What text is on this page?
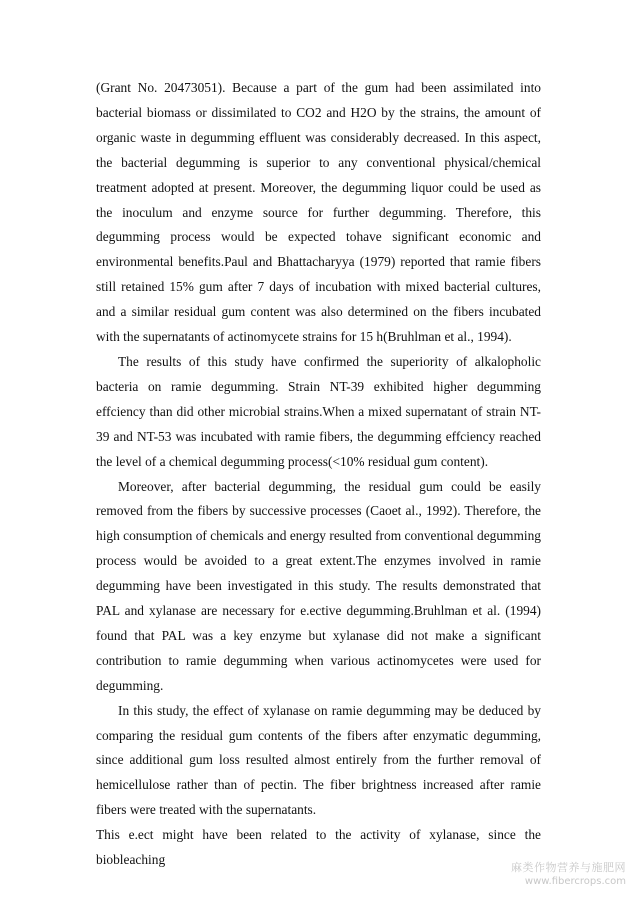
(Grant No. 20473051). Because a part of the gum had been assimilated into bacterial biomass or dissimilated to CO2 and H2O by the strains, the amount of organic waste in degumming effluent was considerably decreased. In this aspect, the bacterial degumming is superior to any conventional physical/chemical treatment adopted at present. Moreover, the degumming liquor could be used as the inoculum and enzyme source for further degumming. Therefore, this degumming process would be expected tohave significant economic and environmental benefits.Paul and Bhattacharyya (1979) reported that ramie fibers still retained 15% gum after 7 days of incubation with mixed bacterial cultures, and a similar residual gum content was also determined on the fibers incubated with the supernatants of actinomycete strains for 15 h(Bruhlman et al., 1994).

The results of this study have confirmed the superiority of alkalopholic bacteria on ramie degumming. Strain NT-39 exhibited higher degumming effciency than did other microbial strains.When a mixed supernatant of strain NT-39 and NT-53 was incubated with ramie fibers, the degumming effciency reached the level of a chemical degumming process(<10% residual gum content).

Moreover, after bacterial degumming, the residual gum could be easily removed from the fibers by successive processes (Caoet al., 1992). Therefore, the high consumption of chemicals and energy resulted from conventional degumming process would be avoided to a great extent.The enzymes involved in ramie degumming have been investigated in this study. The results demonstrated that PAL and xylanase are necessary for e.ective degumming.Bruhlman et al. (1994) found that PAL was a key enzyme but xylanase did not make a significant contribution to ramie degumming when various actinomycetes were used for degumming.

In this study, the effect of xylanase on ramie degumming may be deduced by comparing the residual gum contents of the fibers after enzymatic degumming, since additional gum loss resulted almost entirely from the further removal of hemicellulose rather than of pectin. The fiber brightness increased after ramie fibers were treated with the supernatants.

This e.ect might have been related to the activity of xylanase, since the biobleaching

麻类作物营养与施肥网
www.fibercrops.com
